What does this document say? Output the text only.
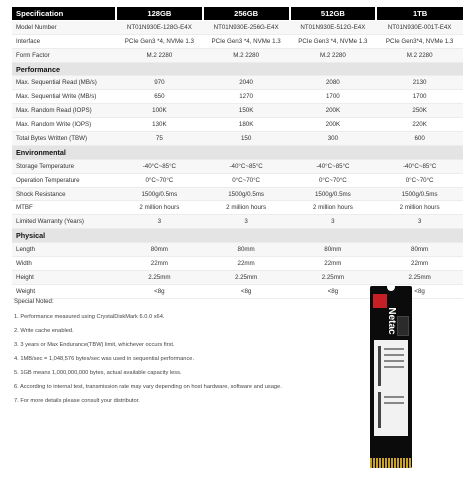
Specification	128GB	256GB	512GB	1TB
Model Number	NT01N930E-128G-E4X	NT01N930E-256G-E4X	NT01N930E-512G-E4X	NT01N930E-001T-E4X
Interface	PCIe Gen3 *4, NVMe 1.3	PCIe Gen3 *4, NVMe 1.3	PCIe Gen3 *4, NVMe 1.3	PCIe Gen3*4, NVMe 1.3
Form Factor	M.2 2280	M.2 2280	M.2 2280	M.2 2280
Performance				
Max. Sequential Read (MB/s)	970	2040	2080	2130
Max. Sequential Write (MB/s)	650	1270	1700	1700
Max. Random Read (IOPS)	100K	150K	200K	250K
Max. Random Write (IOPS)	130K	180K	200K	220K
Total Bytes Written (TBW)	75	150	300	600
Environmental				
Storage Temperature	-40°C~85°C	-40°C~85°C	-40°C~85°C	-40°C~85°C
Operation Temperature	0°C~70°C	0°C~70°C	0°C~70°C	0°C~70°C
Shock Resistance	1500g/0.5ms	1500g/0.5ms	1500g/0.5ms	1500g/0.5ms
MTBF	2 million hours	2 million hours	2 million hours	2 million hours
Limited Warranty (Years)	3	3	3	3
Physical				
Length	80mm	80mm	80mm	80mm
Width	22mm	22mm	22mm	22mm
Height	2.25mm	2.25mm	2.25mm	2.25mm
Weight	<8g	<8g	<8g	<8g
Special Noted:
1. Performance measured using CrystalDiskMark 6.0.0 x64.
2. Write cache enabled.
3. 3 years or Max Endurance(TBW) limit, whichever occurs first.
4. 1MB/sec = 1,048,576 bytes/sec was used in sequential performance.
5. 1GB means 1,000,000,000 bytes, actual available capacity less.
6. According to internal test, transmission rate may vary depending on host hardware, software and usage.
7. For more details please consult your distributor.
Netac
